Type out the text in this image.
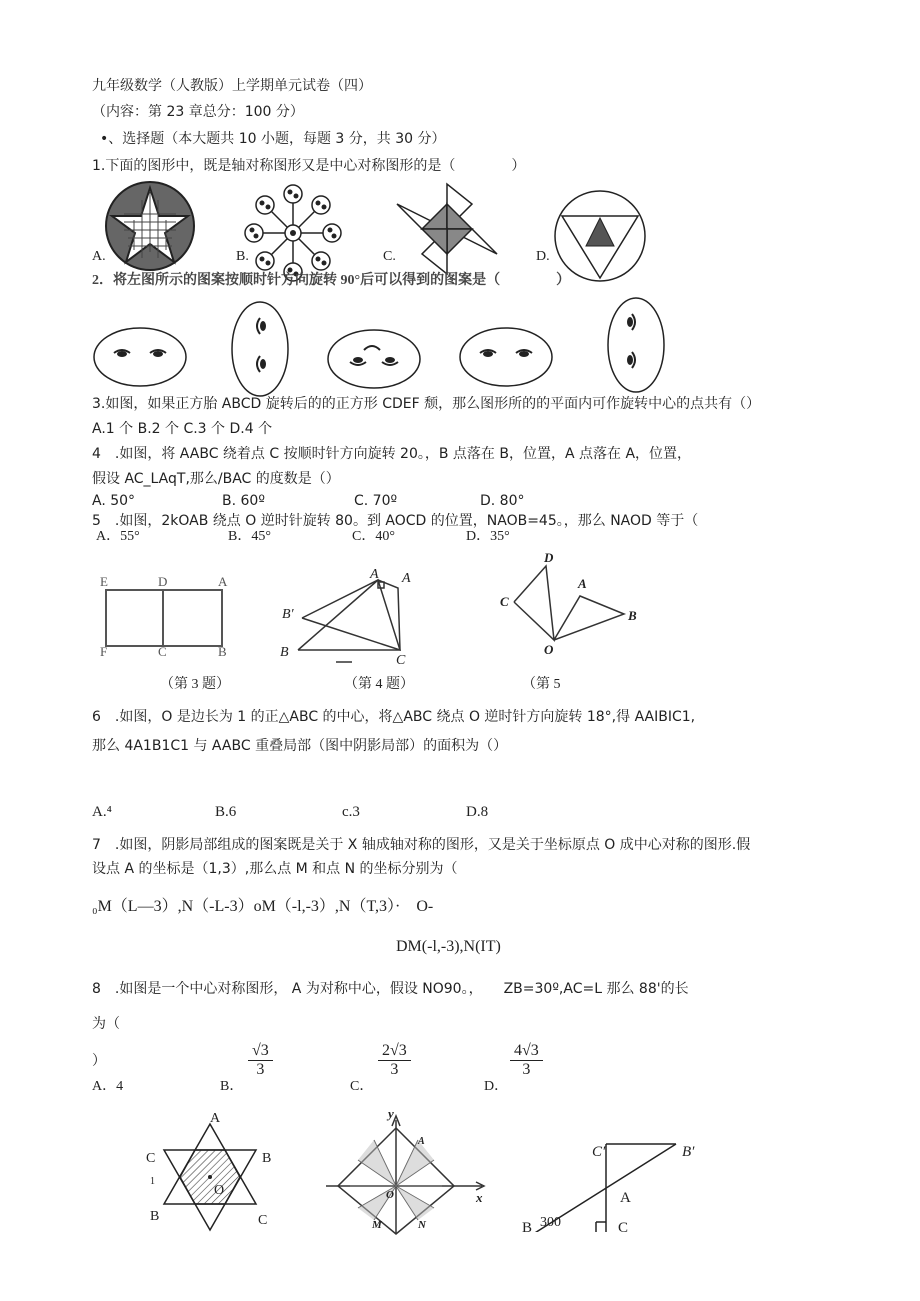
九年级数学（人教版）上学期单元试卷（四）
（内容：第 23 章总分：100 分）
•、选择题（本大题共 10 小题，每题 3 分，共 30 分）
1.下面的图形中，既是轴对称图形又是中心对称图形的是（　　　　）
A.	B.	C.	D.
2．将左图所示的图案按顺时针方向旋转 90°后可以得到的图案是（　　　　）
3.如图，如果正方胎 ABCD 旋转后的的正方形 CDEF 颓，那么图形所的的平面内可作旋转中心的点共有（）
A.1 个 B.2 个 C.3 个 D.4 个
4　.如图，将 AABC 绕着点 C 按顺时针方向旋转 20。，B 点落在 B，位置，A 点落在 A，位置，
假设 AC_LAqT,那么/BAC 的度数是（）
A. 50°	B. 60º	C. 70º	D. 80°
5　.如图，2kOAB 绕点 O 逆时针旋转 80。到 AOCD 的位置，NAOB=45。，那么 NAOD 等于（
A．55°	B．45°	C．40°	D．35°
E	D	A
F	C	B
（第 3 题）
A A
B′
B
C
（第 4 题）
D
A
C
B
O
（第 5
6　.如图，O 是边长为 1 的正△ABC 的中心，将△ABC 绕点 O 逆时针方向旋转 18°,得 AAIBIC1,
那么 4A1B1C1 与 AABC 重叠局部（图中阴影局部）的面积为（）
A.⁴	B.6	c.3	D.8
7　.如图，阴影局部组成的图案既是关于 X 轴成轴对称的图形，又是关于坐标原点 O 成中心对称的图形.假
设点 A 的坐标是（1,3）,那么点 M 和点 N 的坐标分别为（
₀M（L—3）,N（-L-3）oM（-l,-3）,N（T,3）·　O-
DM(-l,-3),N(IT)
8　.如图是一个中心对称图形， A 为对称中心，假设 NO90。，　　ZB=30º,AC=L 那么 88'的长
为（
）
A．4	B．
$\frac{√3}{3}$
C．
$\frac{2√3}{3}$
D．
$\frac{4√3}{3}$
A
C	B
1
O
B	C
y
A
O	x
M	N
C′	B′
A
B 300	C
